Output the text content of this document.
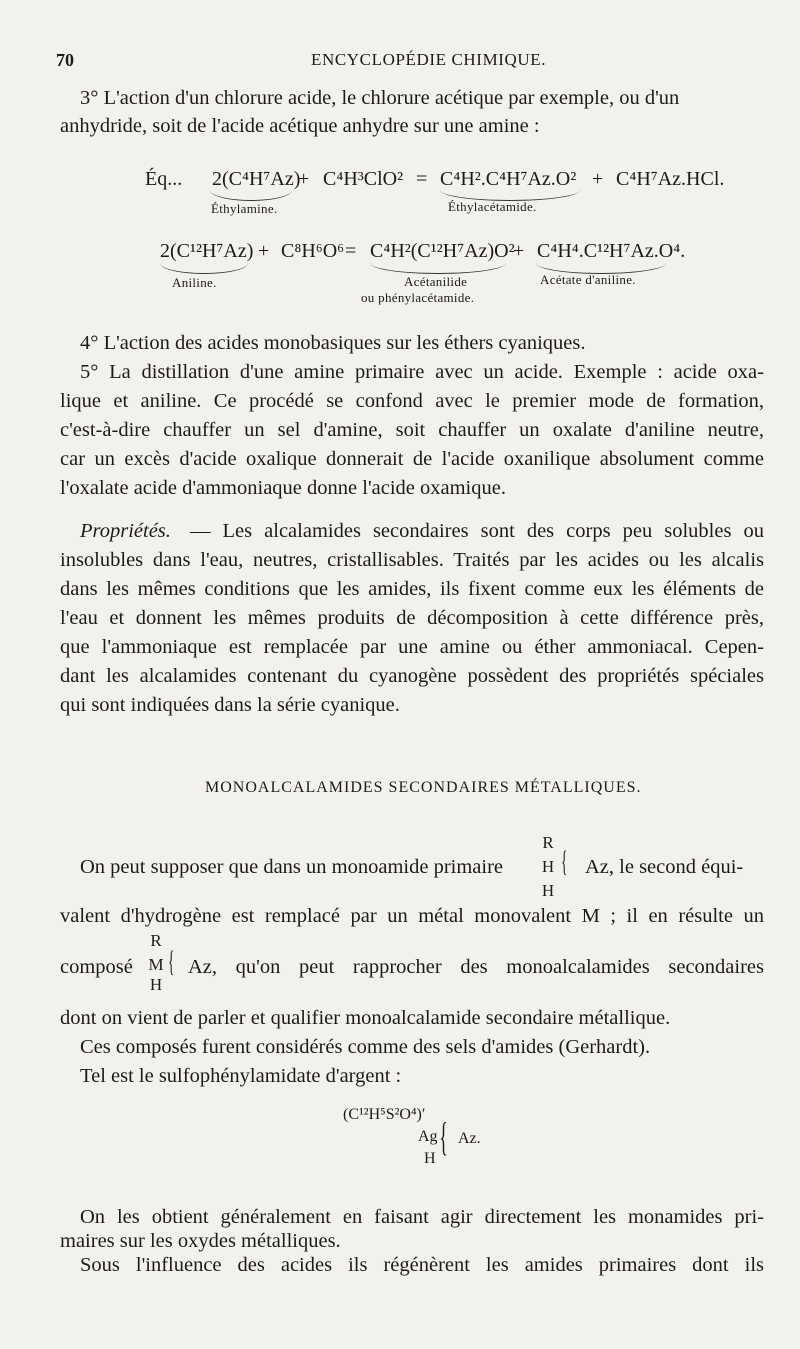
70	ENCYCLOPÉDIE CHIMIQUE.
3° L'action d'un chlorure acide, le chlorure acétique par exemple, ou d'un
anhydride, soit de l'acide acétique anhydre sur une amine :
Éq... 2(C⁴H⁷Az)
+ C⁴H³ClO² = C⁴H².C⁴H⁷Az.O² + C⁴H⁷Az.HCl.
Éthylamine.	Éthylacétamide.
2(C¹²H⁷Az) + C⁸H⁶O⁶ = C⁴H²(C¹²H⁷Az)O²
+ C⁴H⁴.C¹²H⁷Az.O⁴.
Aniline.	Acétanilide
ou phénylacétamide.
Acétate d'aniline.
4° L'action des acides monobasiques sur les éthers cyaniques.
5° La distillation d'une amine primaire avec un acide. Exemple : acide oxa-
lique et aniline. Ce procédé se confond avec le premier mode de formation,
c'est-à-dire chauffer un sel d'amine, soit chauffer un oxalate d'aniline neutre,
car un excès d'acide oxalique donnerait de l'acide oxanilique absolument comme
l'oxalate acide d'ammoniaque donne l'acide oxamique.
Propriétés. — Les alcalamides secondaires sont des corps peu solubles ou
insolubles dans l'eau, neutres, cristallisables. Traités par les acides ou les alcalis
dans les mêmes conditions que les amides, ils fixent comme eux les éléments de
l'eau et donnent les mêmes produits de décomposition à cette différence près,
que l'ammoniaque est remplacée par une amine ou éther ammoniacal. Cepen-
dant les alcalamides contenant du cyanogène possèdent des propriétés spéciales
qui sont indiquées dans la série cyanique.
MONOALCALAMIDES SECONDAIRES MÉTALLIQUES.
On peut supposer que dans un monoamide primaire
R
H
H
{ Az, le second équi-
valent d'hydrogène est remplacé par un métal monovalent M ; il en résulte un
composé
R
M
H
{ Az, qu'on peut rapprocher des monoalcalamides secondaires
dont on vient de parler et qualifier monoalcalamide secondaire métallique.
Ces composés furent considérés comme des sels d'amides (Gerhardt).
Tel est le sulfophénylamidate d'argent :
(C¹²H⁵S²O⁴)′
Ag
H { Az.
On les obtient généralement en faisant agir directement les monamides pri-
maires sur les oxydes métalliques.
Sous l'influence des acides ils régénèrent les amides primaires dont ils
